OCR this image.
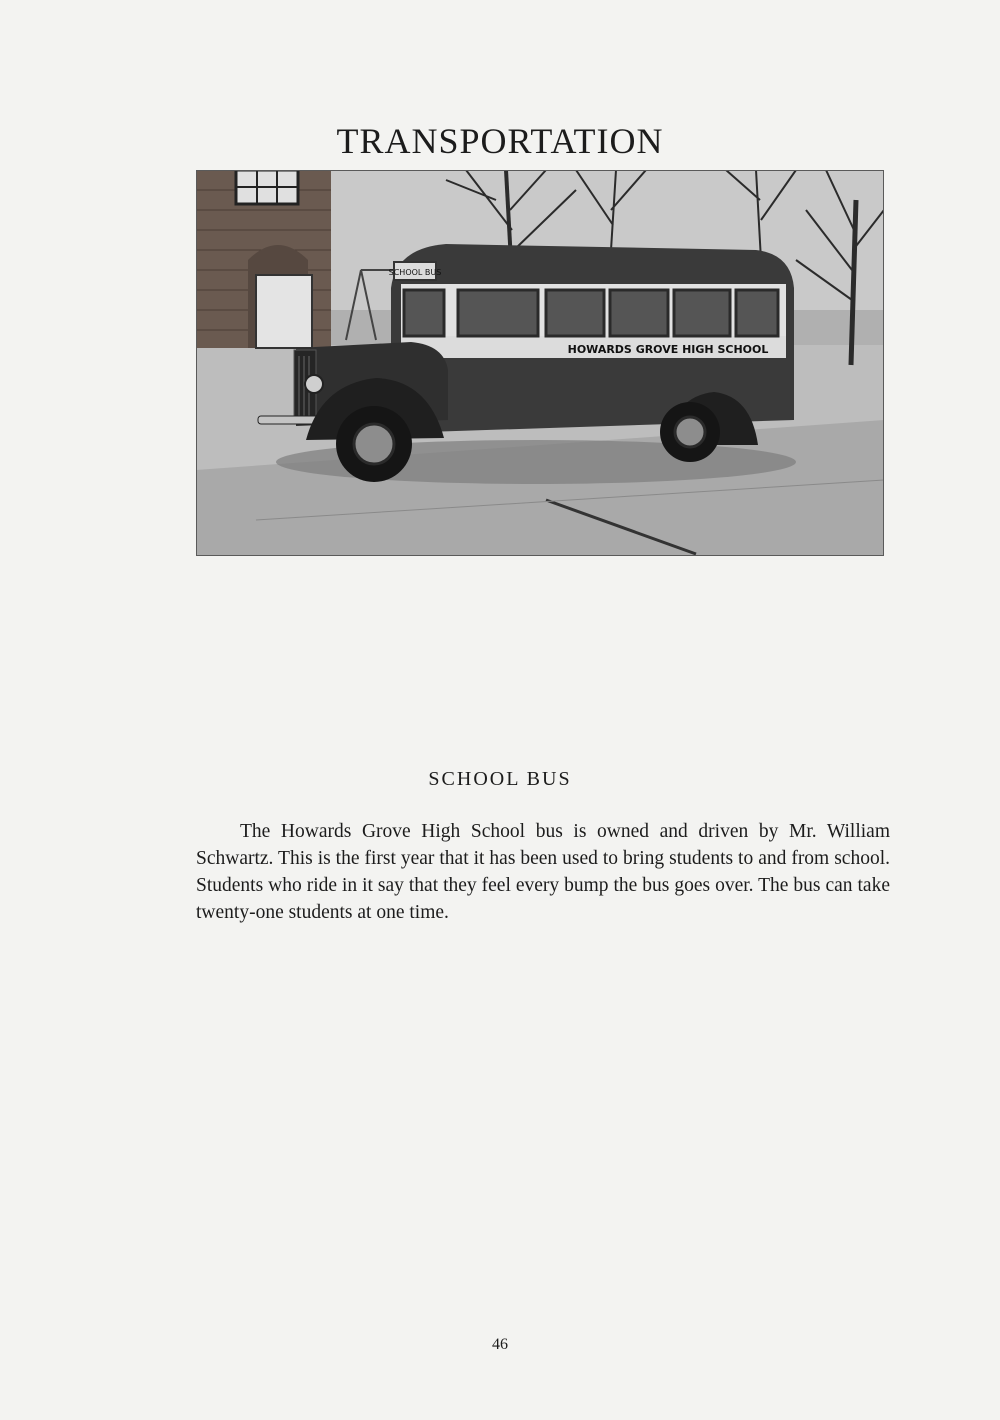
TRANSPORTATION
SCHOOL BUS
HOWARDS GROVE HIGH SCHOOL
SCHOOL BUS

The Howards Grove High School bus is owned and driven by Mr. William Schwartz. This is the first year that it has been used to bring students to and from school. Students who ride in it say that they feel every bump the bus goes over. The bus can take twenty-one students at one time.

46
